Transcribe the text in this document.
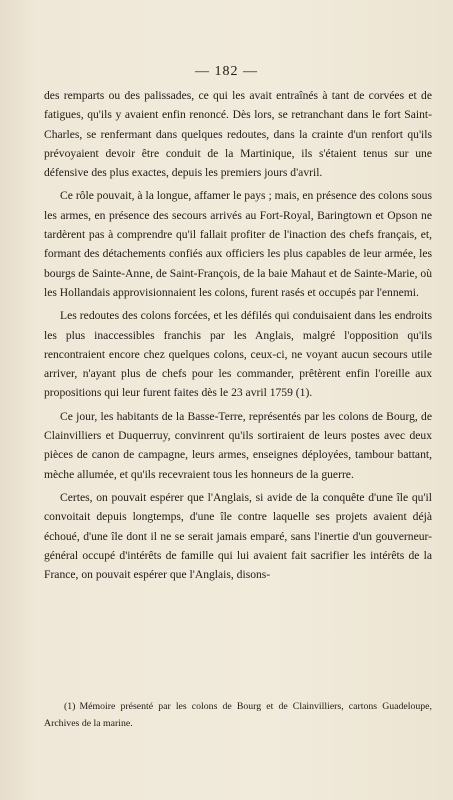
— 182 —

des remparts ou des palissades, ce qui les avait entraînés à tant de corvées et de fatigues, qu'ils y avaient enfin renoncé. Dès lors, se retranchant dans le fort Saint-Charles, se renfermant dans quelques redoutes, dans la crainte d'un renfort qu'ils prévoyaient devoir être conduit de la Martinique, ils s'étaient tenus sur une défensive des plus exactes, depuis les premiers jours d'avril.

Ce rôle pouvait, à la longue, affamer le pays ; mais, en présence des colons sous les armes, en présence des secours arrivés au Fort-Royal, Baringtown et Opson ne tardèrent pas à comprendre qu'il fallait profiter de l'inaction des chefs français, et, formant des détachements confiés aux officiers les plus capables de leur armée, les bourgs de Sainte-Anne, de Saint-François, de la baie Mahaut et de Sainte-Marie, où les Hollandais approvisionnaient les colons, furent rasés et occupés par l'ennemi.

Les redoutes des colons forcées, et les défilés qui conduisaient dans les endroits les plus inaccessibles franchis par les Anglais, malgré l'opposition qu'ils rencontraient encore chez quelques colons, ceux-ci, ne voyant aucun secours utile arriver, n'ayant plus de chefs pour les commander, prêtèrent enfin l'oreille aux propositions qui leur furent faites dès le 23 avril 1759 (1).

Ce jour, les habitants de la Basse-Terre, représentés par les colons de Bourg, de Clainvilliers et Duquerruy, convinrent qu'ils sortiraient de leurs postes avec deux pièces de canon de campagne, leurs armes, enseignes déployées, tambour battant, mèche allumée, et qu'ils recevraient tous les honneurs de la guerre.

Certes, on pouvait espérer que l'Anglais, si avide de la conquête d'une île qu'il convoitait depuis longtemps, d'une île contre laquelle ses projets avaient déjà échoué, d'une île dont il ne se serait jamais emparé, sans l'inertie d'un gouverneur-général occupé d'intérêts de famille qui lui avaient fait sacrifier les intérêts de la France, on pouvait espérer que l'Anglais, disons-

(1) Mémoire présenté par les colons de Bourg et de Clainvilliers, cartons Guadeloupe, Archives de la marine.
